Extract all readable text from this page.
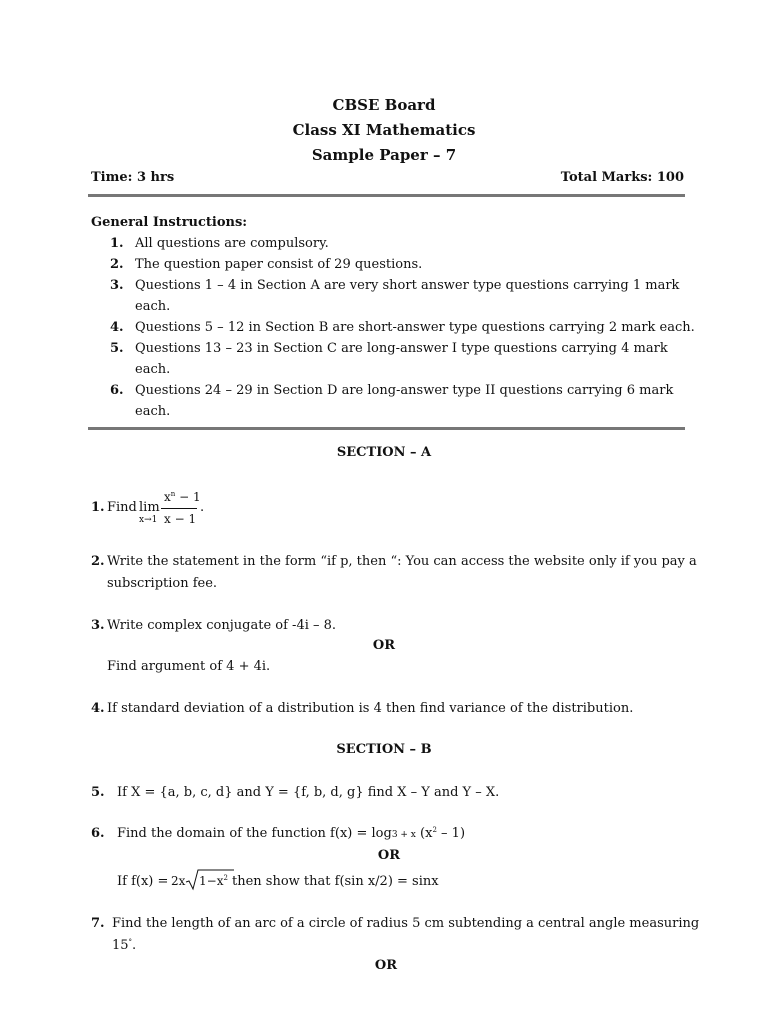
CBSE Board
Class XI Mathematics
Sample Paper – 7
Time: 3 hrs	Total Marks: 100
General Instructions:
1. All questions are compulsory.
2. The question paper consist of 29 questions.
3. Questions 1 – 4 in Section A are very short answer type questions carrying 1 mark
each.
4. Questions 5 – 12 in Section B are short-answer type questions carrying 2 mark each.
5. Questions 13 – 23 in Section C are long-answer I type questions carrying 4 mark
each.
6. Questions 24 – 29 in Section D are long-answer type II questions carrying 6 mark
each.
SECTION – A
1. Find lim
x→1
$x^n - 1$
x − 1
.
2. Write the statement in the form “if p, then “: You can access the website only if you pay a
subscription fee.
3. Write complex conjugate of -4i – 8.
OR
Find argument of 4 + 4i.
4. If standard deviation of a distribution is 4 then find variance of the distribution.
SECTION – B
5. If X = {a, b, c, d} and Y = {f, b, d, g} find X – Y and Y – X.
6. Find the domain of the function f(x) = log3 + x $(x^2 - 1)$
OR
If f(x) = 2x $1-x^2$ then show that f(sin x/2) = sinx
7. Find the length of an arc of a circle of radius 5 cm subtending a central angle measuring
15°.
OR
